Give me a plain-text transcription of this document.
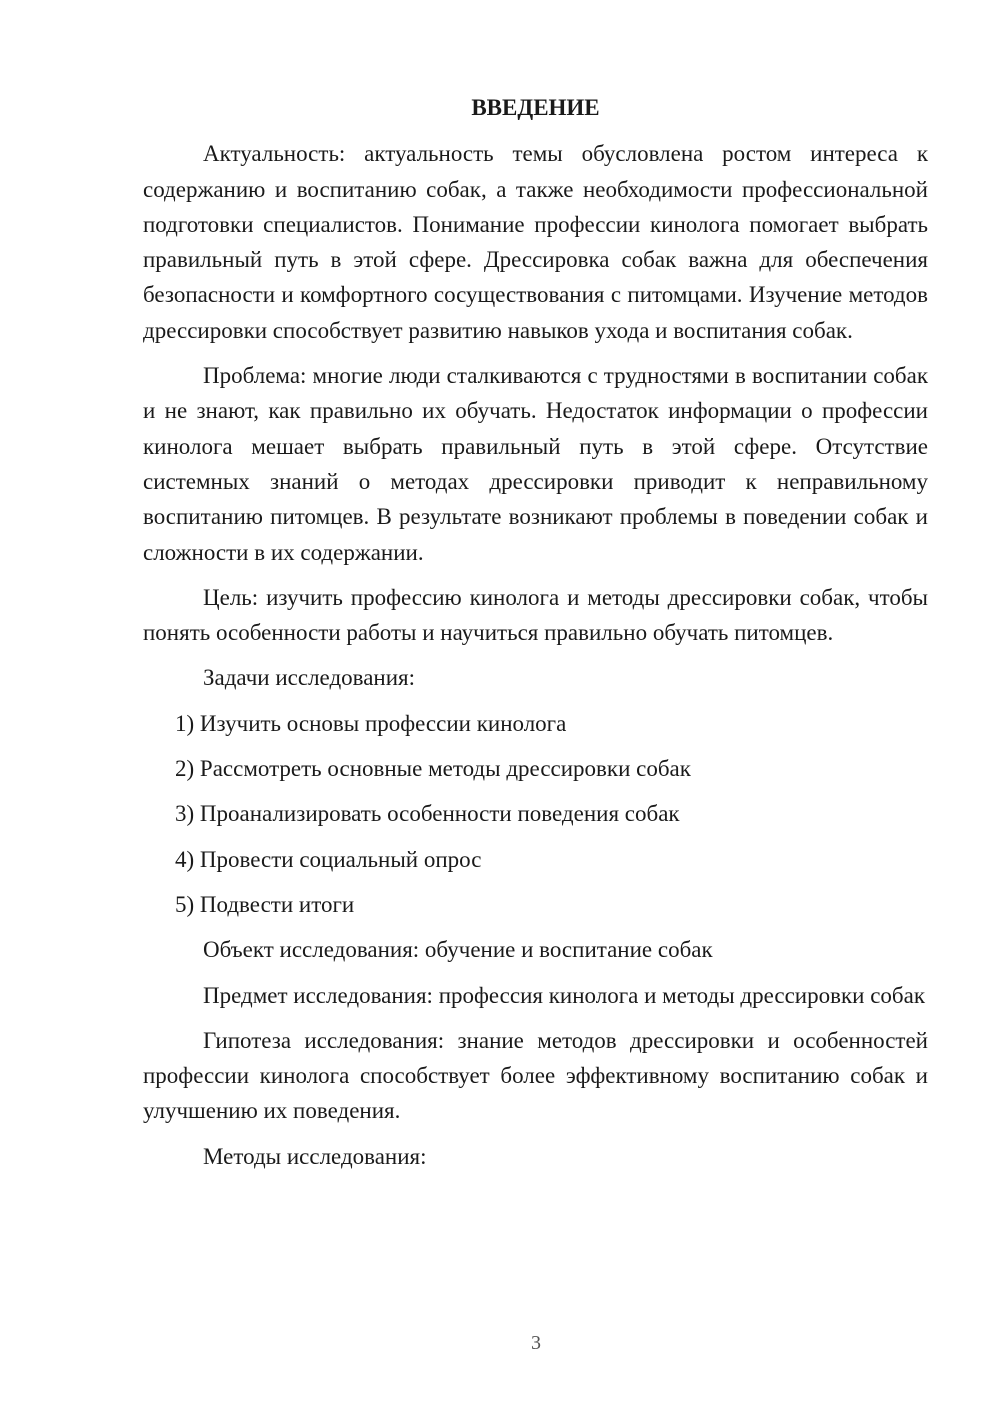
ВВЕДЕНИЕ

Актуальность: актуальность темы обусловлена ростом интереса к содержанию и воспитанию собак, а также необходимости профессиональной подготовки специалистов. Понимание профессии кинолога помогает выбрать правильный путь в этой сфере. Дрессировка собак важна для обеспечения безопасности и комфортного сосуществования с питомцами. Изучение методов дрессировки способствует развитию навыков ухода и воспитания собак.

Проблема: многие люди сталкиваются с трудностями в воспитании собак и не знают, как правильно их обучать. Недостаток информации о профессии кинолога мешает выбрать правильный путь в этой сфере. Отсутствие системных знаний о методах дрессировки приводит к неправильному воспитанию питомцев. В результате возникают проблемы в поведении собак и сложности в их содержании.

Цель: изучить профессию кинолога и методы дрессировки собак, чтобы понять особенности работы и научиться правильно обучать питомцев.

Задачи исследования:

1) Изучить основы профессии кинолога

2) Рассмотреть основные методы дрессировки собак

3) Проанализировать особенности поведения собак

4) Провести социальный опрос

5) Подвести итоги

Объект исследования: обучение и воспитание собак

Предмет исследования: профессия кинолога и методы дрессировки собак

Гипотеза исследования: знание методов дрессировки и особенностей профессии кинолога способствует более эффективному воспитанию собак и улучшению их поведения.

Методы исследования:

3
